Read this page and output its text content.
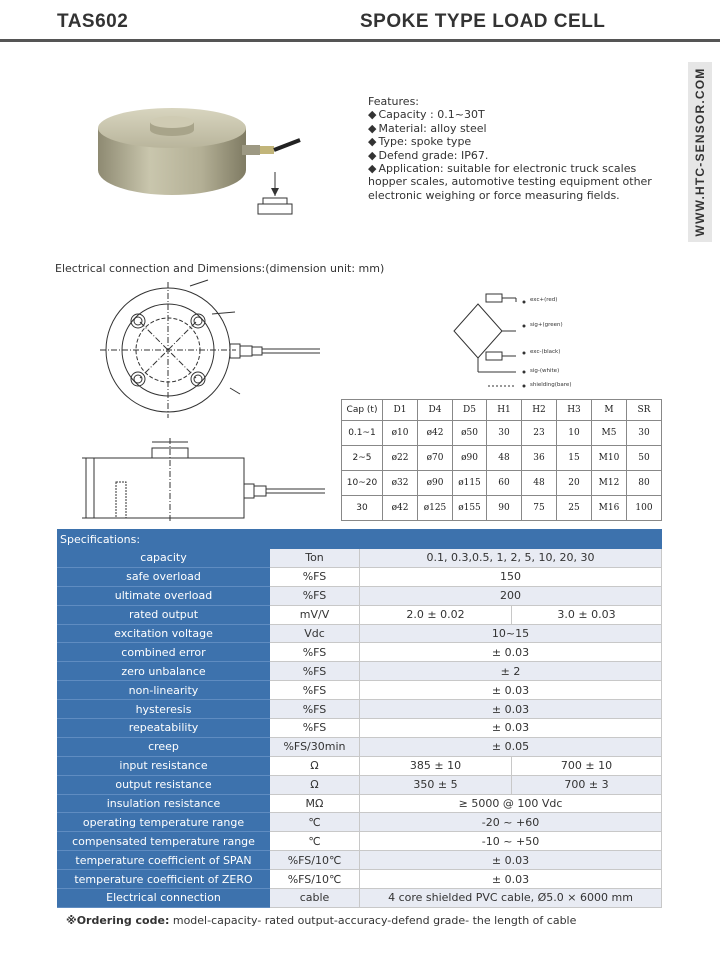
TAS602	SPOKE TYPE LOAD CELL
WWW.HTC-SENSOR.COM
Features:
◆ Capacity : 0.1~30T
◆ Material: alloy steel
◆ Type: spoke type
◆ Defend grade: IP67.
◆ Application: suitable for electronic truck scales hopper scales, automotive testing equipment other electronic weighing or force measuring fields.
Electrical connection and Dimensions:(dimension unit: mm)
exc+(red)
sig+(green)
exc-(black)
sig-(white)
shielding(bare)
Cap (t)	D1	D4	D5	H1	H2	H3	M	SR
0.1~1	ø10	ø42	ø50	30	23	10	M5	30
2~5	ø22	ø70	ø90	48	36	15	M10	50
10~20	ø32	ø90	ø115	60	48	20	M12	80
30	ø42	ø125	ø155	90	75	25	M16	100
Specifications:			
capacity	Ton	0.1, 0.3,0.5, 1, 2, 5, 10, 20, 30	
safe overload	%FS	150	
ultimate overload	%FS	200	
rated output	mV/V	2.0 ± 0.02	3.0 ± 0.03
excitation voltage	Vdc	10~15	
combined error	%FS	± 0.03	
zero unbalance	%FS	± 2	
non-linearity	%FS	± 0.03	
hysteresis	%FS	± 0.03	
repeatability	%FS	± 0.03	
creep	%FS/30min	± 0.05	
input resistance	Ω	385 ± 10	700 ± 10
output resistance	Ω	350 ± 5	700 ± 3
insulation resistance	MΩ	≥ 5000 @ 100 Vdc	
operating temperature range	℃	-20 ~ +60	
compensated temperature range	℃	-10 ~ +50	
temperature coefficient of SPAN	%FS/10℃	± 0.03	
temperature coefficient of ZERO	%FS/10℃	± 0.03	
Electrical connection	cable	4 core shielded PVC cable, Ø5.0 × 6000 mm	
※Ordering code: model-capacity- rated output-accuracy-defend grade- the length of cable
